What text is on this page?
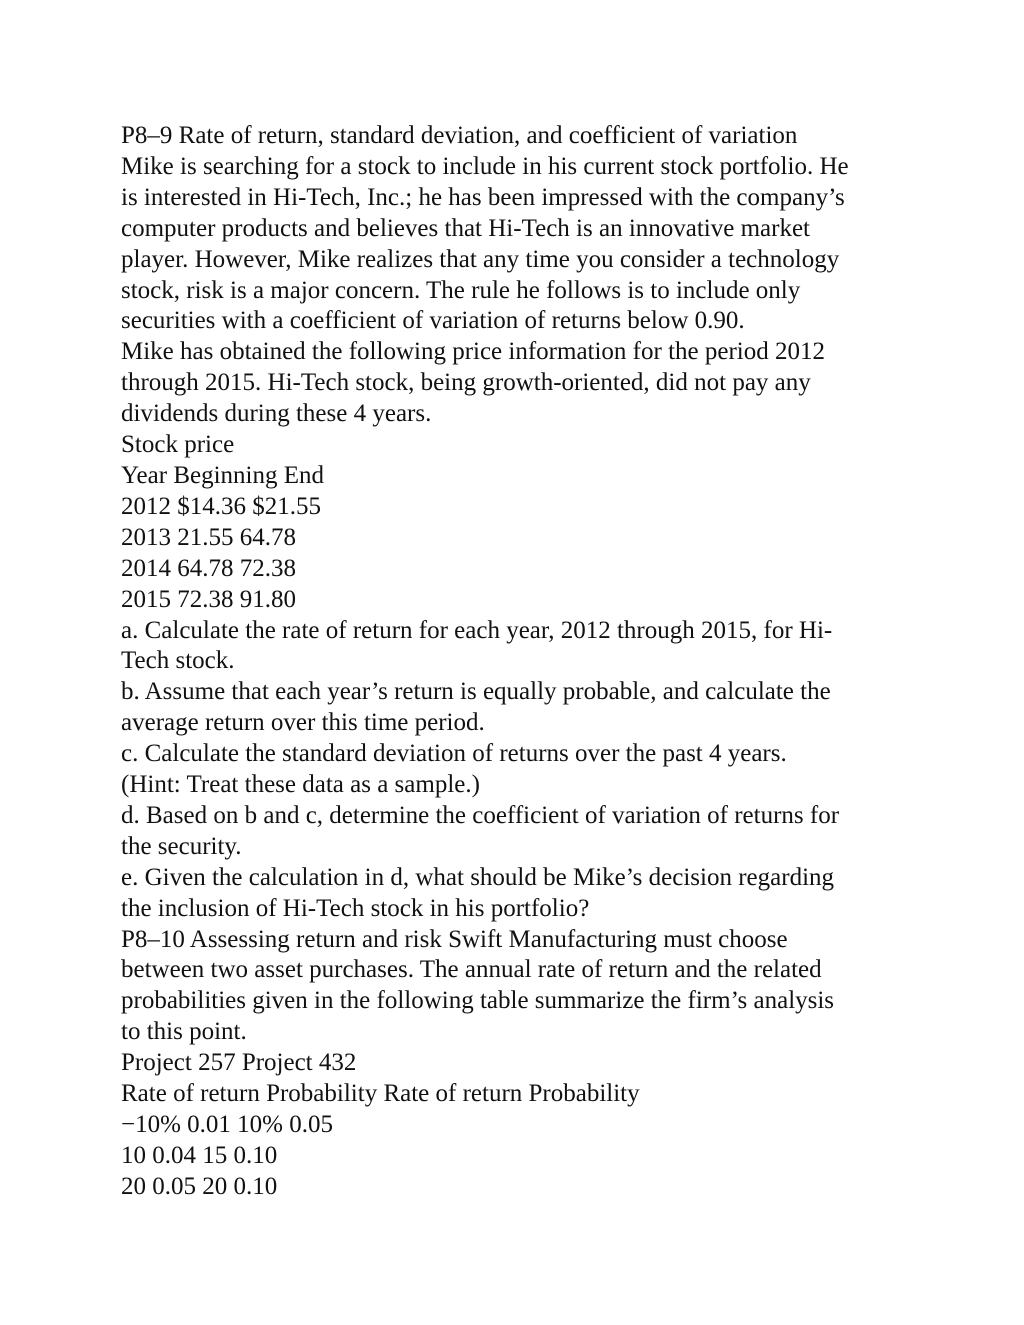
P8–9 Rate of return, standard deviation, and coefficient of variation
Mike is searching for a stock to include in his current stock portfolio. He
is interested in Hi-Tech, Inc.; he has been impressed with the company’s
computer products and believes that Hi-Tech is an innovative market
player. However, Mike realizes that any time you consider a technology
stock, risk is a major concern. The rule he follows is to include only
securities with a coefficient of variation of returns below 0.90.
Mike has obtained the following price information for the period 2012
through 2015. Hi-Tech stock, being growth-oriented, did not pay any
dividends during these 4 years.
Stock price
Year Beginning End
2012 $14.36 $21.55
2013 21.55 64.78
2014 64.78 72.38
2015 72.38 91.80
a. Calculate the rate of return for each year, 2012 through 2015, for Hi-
Tech stock.
b. Assume that each year’s return is equally probable, and calculate the
average return over this time period.
c. Calculate the standard deviation of returns over the past 4 years.
(Hint: Treat these data as a sample.)
d. Based on b and c, determine the coefficient of variation of returns for
the security.
e. Given the calculation in d, what should be Mike’s decision regarding
the inclusion of Hi-Tech stock in his portfolio?
P8–10 Assessing return and risk Swift Manufacturing must choose
between two asset purchases. The annual rate of return and the related
probabilities given in the following table summarize the firm’s analysis
to this point.
Project 257 Project 432
Rate of return Probability Rate of return Probability
−10% 0.01 10% 0.05
10 0.04 15 0.10
20 0.05 20 0.10
